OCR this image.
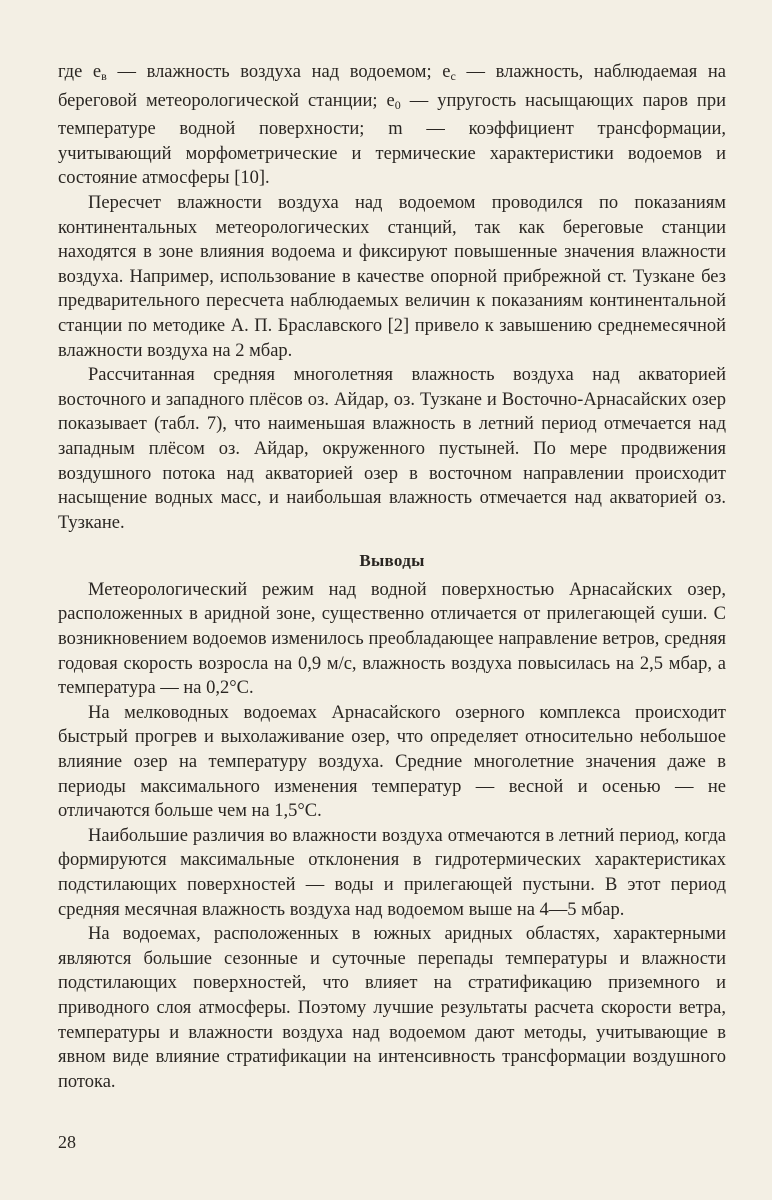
где $e_в$ — влажность воздуха над водоемом; $e_с$ — влажность, наблюдаемая на береговой метеорологической станции; $e_0$ — упругость насыщающих паров при температуре водной поверхности; m — коэффициент трансформации, учитывающий морфометрические и термические характеристики водоемов и состояние атмосферы [10].

Пересчет влажности воздуха над водоемом проводился по показаниям континентальных метеорологических станций, так как береговые станции находятся в зоне влияния водоема и фиксируют повышенные значения влажности воздуха. Например, использование в качестве опорной прибрежной ст. Тузкане без предварительного пересчета наблюдаемых величин к показаниям континентальной станции по методике А. П. Браславского [2] привело к завышению среднемесячной влажности воздуха на 2 мбар.

Рассчитанная средняя многолетняя влажность воздуха над акваторией восточного и западного плёсов оз. Айдар, оз. Тузкане и Восточно-Арнасайских озер показывает (табл. 7), что наименьшая влажность в летний период отмечается над западным плёсом оз. Айдар, окруженного пустыней. По мере продвижения воздушного потока над акваторией озер в восточном направлении происходит насыщение водных масс, и наибольшая влажность отмечается над акваторией оз. Тузкане.

Выводы

Метеорологический режим над водной поверхностью Арнасайских озер, расположенных в аридной зоне, существенно отличается от прилегающей суши. С возникновением водоемов изменилось преобладающее направление ветров, средняя годовая скорость возросла на 0,9 м/с, влажность воздуха повысилась на 2,5 мбар, а температура — на 0,2°С.

На мелководных водоемах Арнасайского озерного комплекса происходит быстрый прогрев и выхолаживание озер, что определяет относительно небольшое влияние озер на температуру воздуха. Средние многолетние значения даже в периоды максимального изменения температур — весной и осенью — не отличаются больше чем на 1,5°С.

Наибольшие различия во влажности воздуха отмечаются в летний период, когда формируются максимальные отклонения в гидротермических характеристиках подстилающих поверхностей — воды и прилегающей пустыни. В этот период средняя месячная влажность воздуха над водоемом выше на 4—5 мбар.

На водоемах, расположенных в южных аридных областях, характерными являются большие сезонные и суточные перепады температуры и влажности подстилающих поверхностей, что влияет на стратификацию приземного и приводного слоя атмосферы. Поэтому лучшие результаты расчета скорости ветра, температуры и влажности воздуха над водоемом дают методы, учитывающие в явном виде влияние стратификации на интенсивность трансформации воздушного потока.

28
